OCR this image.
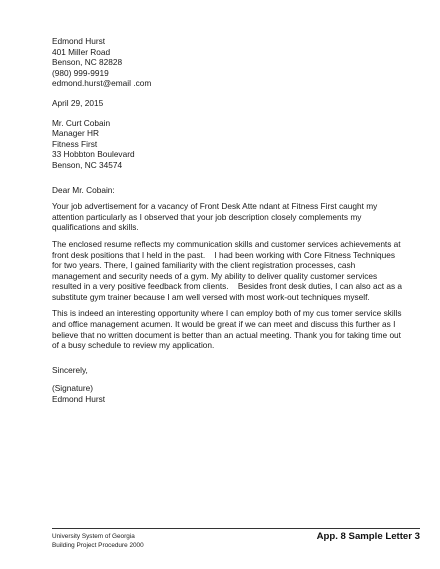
Edmond Hurst
401 Miller Road
Benson, NC 82828
(980) 999-9919
edmond.hurst@email .com
April 29, 2015
Mr. Curt Cobain
Manager HR
Fitness First
33 Hobbton Boulevard
Benson, NC 34574
Dear Mr. Cobain:
Your job advertisement for a vacancy of Front Desk Atte ndant at Fitness First caught my
attention particularly as I observed that your job description closely complements my
qualifications and skills.
The enclosed resume reflects my communication skills and customer services achievements at
front desk positions that I held in the past.    I had been working with Core Fitness Techniques
for two years. There, I gained familiarity with the client registration processes, cash
management and security needs of a gym. My ability to deliver quality customer services
resulted in a very positive feedback from clients.    Besides front desk duties, I can also act as a
substitute gym trainer because I am well versed with most work-out techniques myself.
This is indeed an interesting opportunity where I can employ both of my cus tomer service skills
and office management acumen. It would be great if we can meet and discuss this further as I
believe that no written document is better than an actual meeting. Thank you for taking time out
of a busy schedule to review my application.
Sincerely,
(Signature)
Edmond Hurst
University System of Georgia
Building Project Procedure 2000
App. 8 Sample Letter 3
